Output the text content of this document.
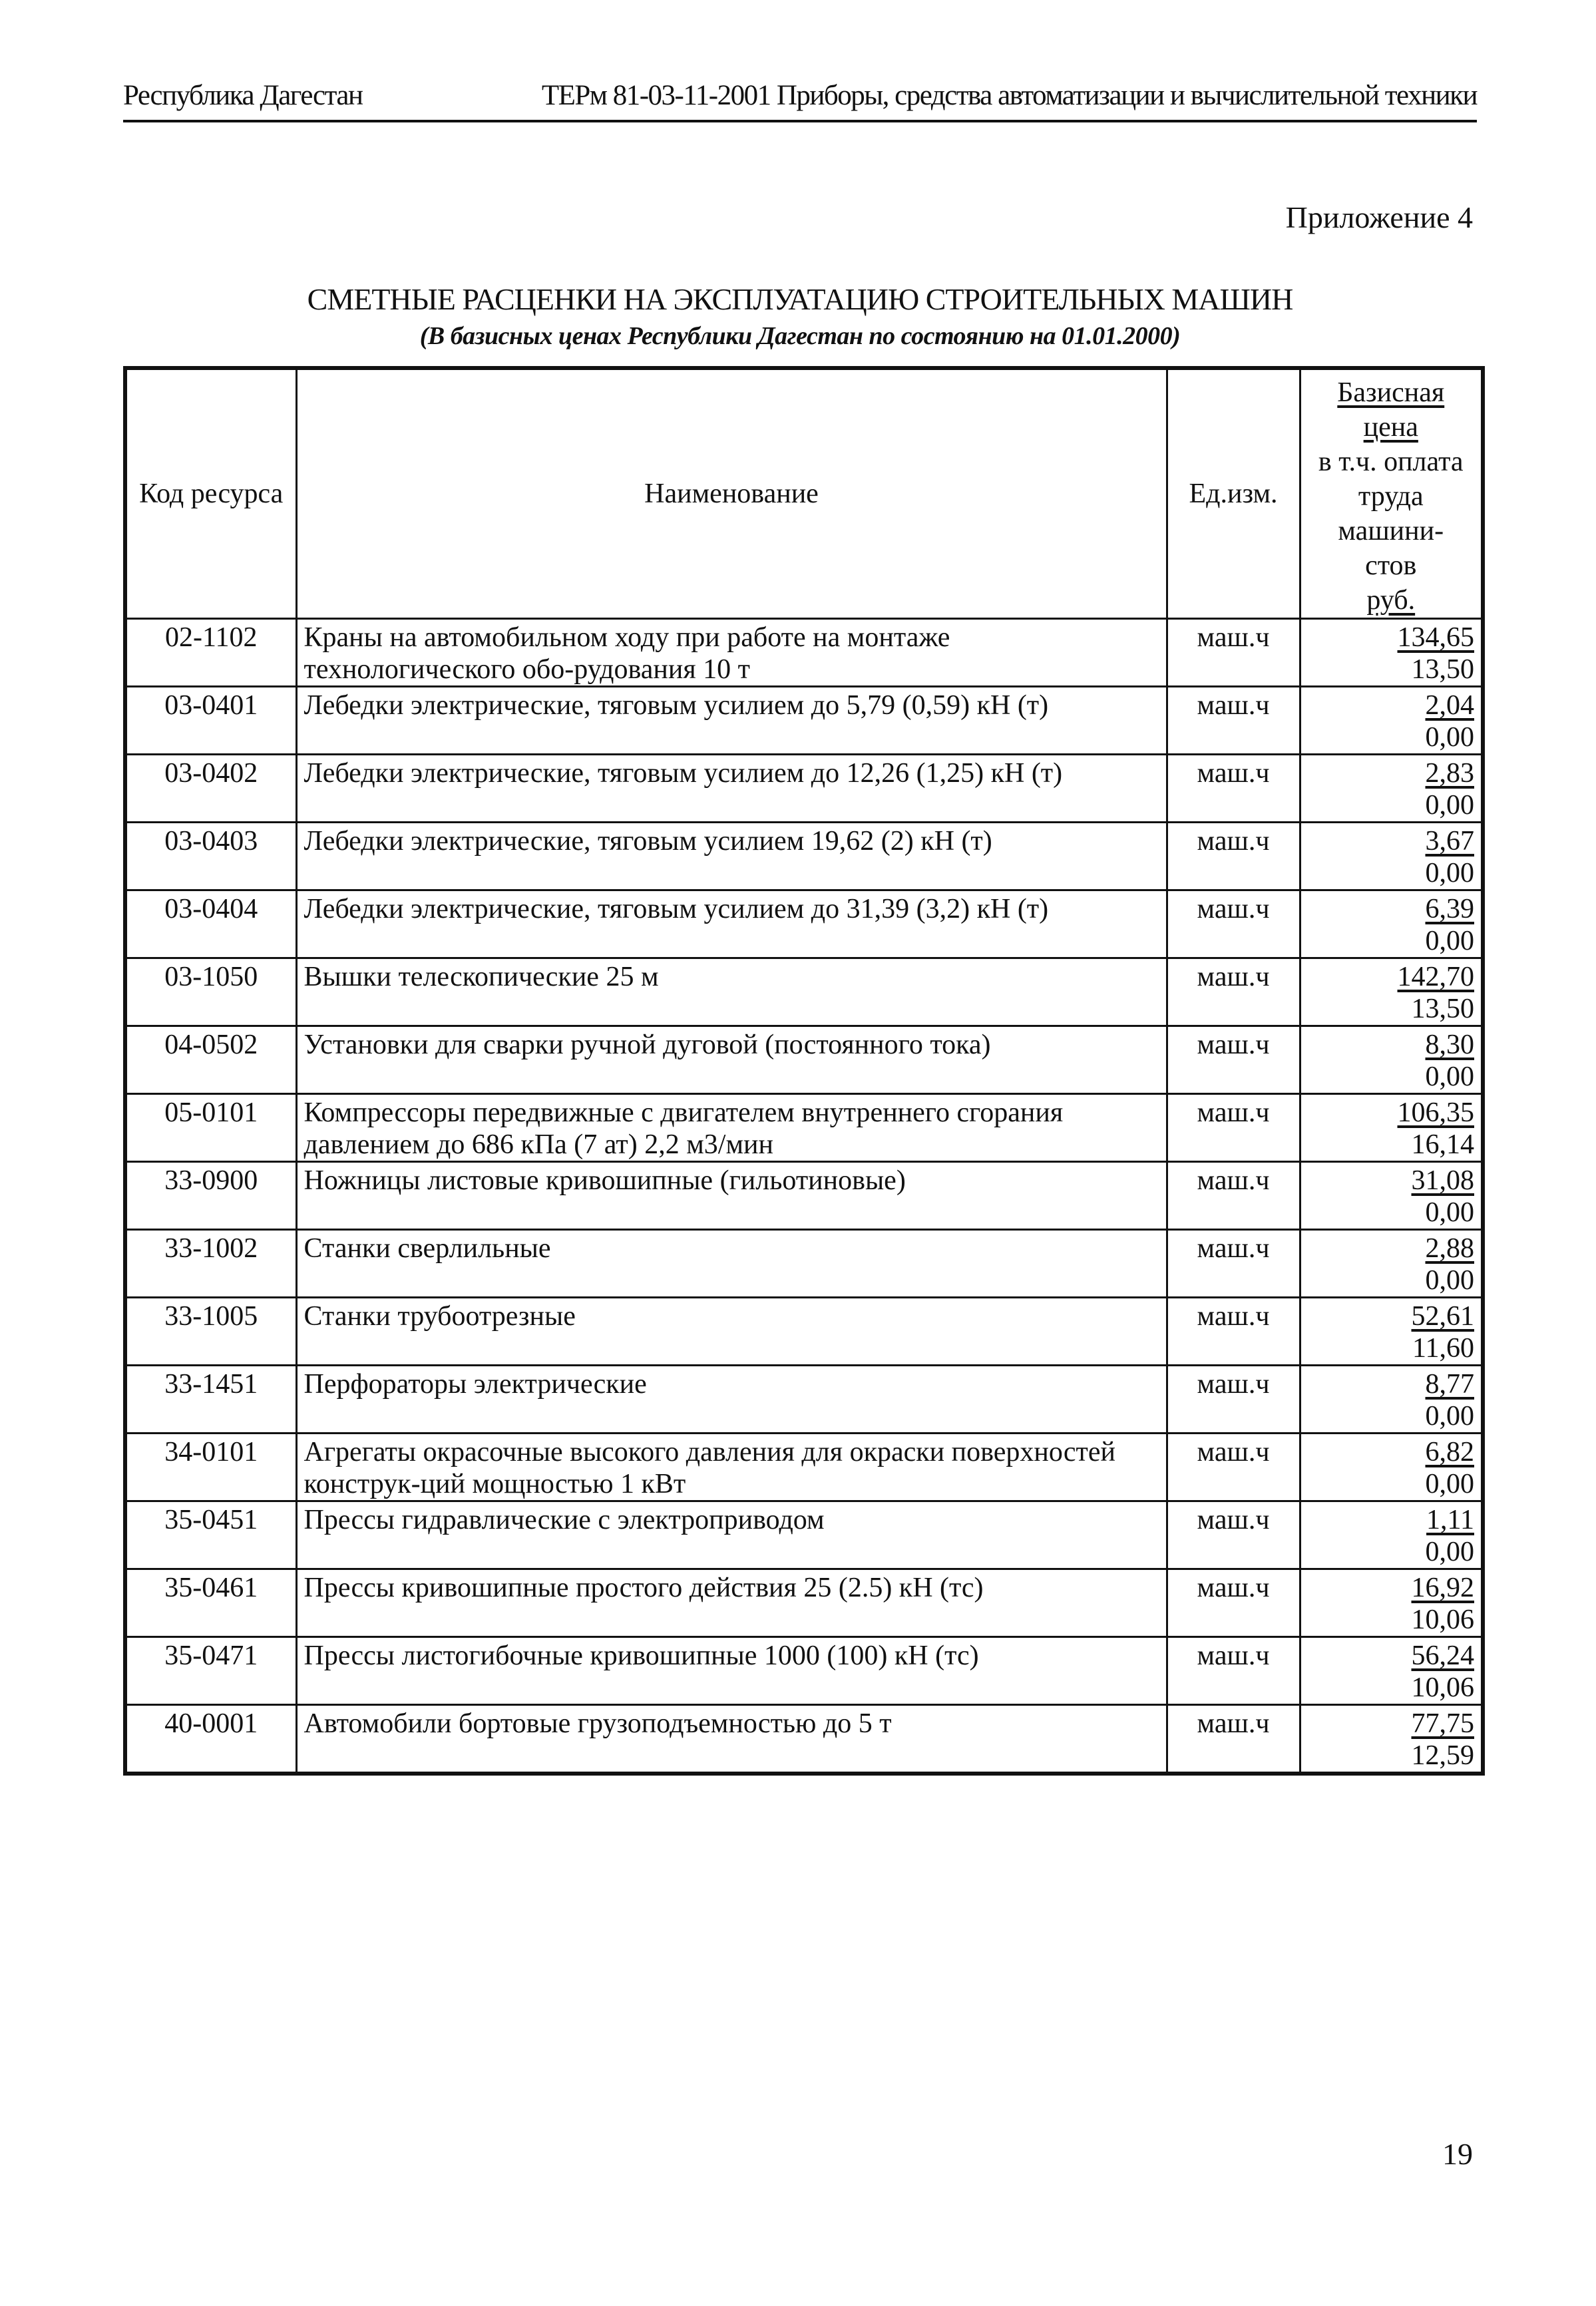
Республика Дагестан	ТЕРм 81-03-11-2001 Приборы, средства автоматизации и вычислительной техники
Приложение 4
СМЕТНЫЕ РАСЦЕНКИ НА ЭКСПЛУАТАЦИЮ СТРОИТЕЛЬНЫХ МАШИН
(В базисных ценах Республики Дагестан по состоянию на 01.01.2000)
Код ресурса	Наименование	Ед.изм.	Базисная цена
в т.ч. оплата
труда машини-
стов
руб.
02-1102	Краны на автомобильном ходу при работе на монтаже технологического обо-рудования 10 т	маш.ч	134,65
13,50

03-0401	Лебедки электрические, тяговым усилием до 5,79 (0,59) кН (т)	маш.ч	2,04
0,00

03-0402	Лебедки электрические, тяговым усилием до 12,26 (1,25) кН (т)	маш.ч	2,83
0,00

03-0403	Лебедки электрические, тяговым усилием 19,62 (2) кН (т)	маш.ч	3,67
0,00

03-0404	Лебедки электрические, тяговым усилием до 31,39 (3,2) кН (т)	маш.ч	6,39
0,00

03-1050	Вышки телескопические 25 м	маш.ч	142,70
13,50

04-0502	Установки для сварки ручной дуговой (постоянного тока)	маш.ч	8,30
0,00

05-0101	Компрессоры передвижные с двигателем внутреннего сгорания давлением до 686 кПа (7 ат) 2,2 м3/мин	маш.ч	106,35
16,14

33-0900	Ножницы листовые кривошипные (гильотиновые)	маш.ч	31,08
0,00

33-1002	Станки сверлильные	маш.ч	2,88
0,00

33-1005	Станки трубоотрезные	маш.ч	52,61
11,60

33-1451	Перфораторы электрические	маш.ч	8,77
0,00

34-0101	Агрегаты окрасочные высокого давления для окраски поверхностей конструк-ций мощностью 1 кВт	маш.ч	6,82
0,00

35-0451	Прессы гидравлические с электроприводом	маш.ч	1,11
0,00

35-0461	Прессы кривошипные простого действия 25 (2.5) кН (тс)	маш.ч	16,92
10,06

35-0471	Прессы листогибочные кривошипные 1000 (100) кН (тс)	маш.ч	56,24
10,06

40-0001	Автомобили бортовые грузоподъемностью до 5 т	маш.ч	77,75
12,59
19
